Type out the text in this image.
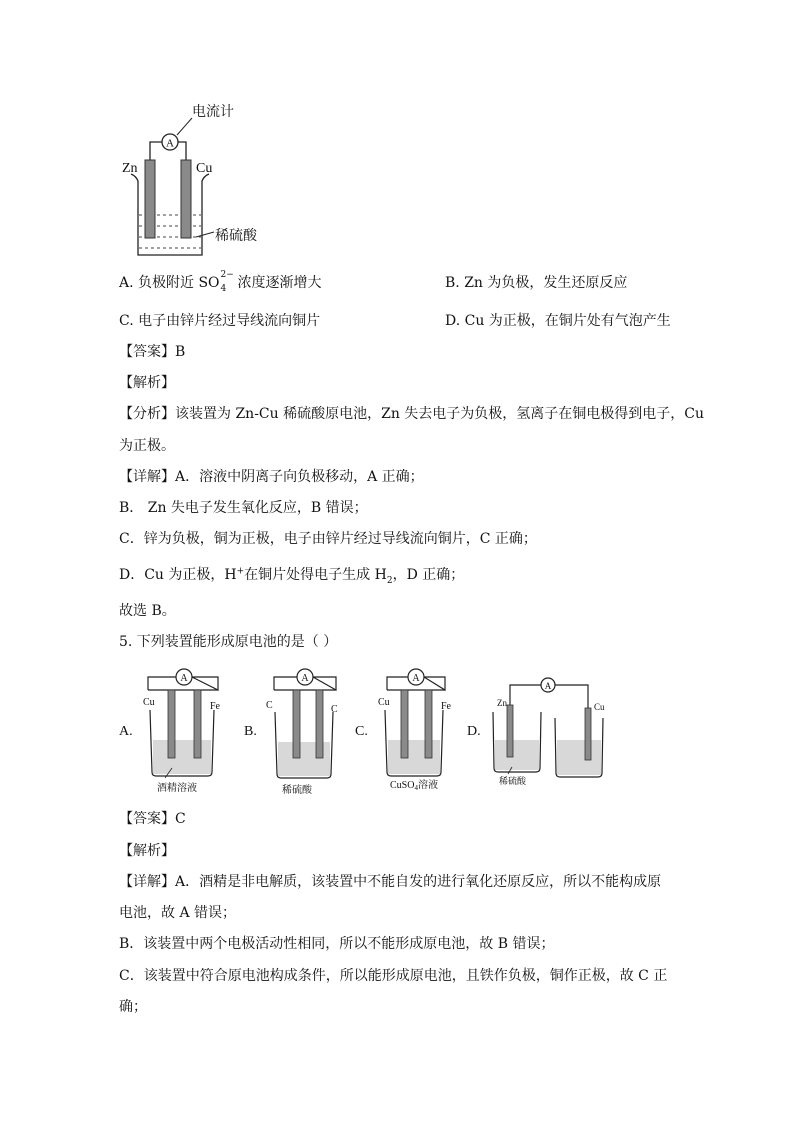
A
电流计
Zn	Cu
稀硫酸
A. 负极附近 SO 2−
4 浓度逐渐增大	B. Zn 为负极，发生还原反应
C. 电子由锌片经过导线流向铜片	D. Cu 为正极，在铜片处有气泡产生
【答案】B
【解析】
【分析】该装置为 Zn-Cu 稀硫酸原电池，Zn 失去电子为负极，氢离子在铜电极得到电子，Cu
为正极。
【详解】A．溶液中阴离子向负极移动，A 正确；
B． Zn 失电子发生氧化反应，B 错误；
C．锌为负极，铜为正极，电子由锌片经过导线流向铜片，C 正确；
D．Cu 为正极，H+在铜片处得电子生成 $H_2$，D 正确；
故选 B。
5. 下列装置能形成原电池的是（ ）
A.
A
Cu	Fe
酒精溶液
B.
A
C	C
稀硫酸
C.
A
Cu	Fe
CuSO$_4$溶液
D.
A
Zn	Cu
稀硫酸
【答案】C
【解析】
【详解】A．酒精是非电解质，该装置中不能自发的进行氧化还原反应，所以不能构成原
电池，故 A 错误；
B．该装置中两个电极活动性相同，所以不能形成原电池，故 B 错误；
C．该装置中符合原电池构成条件，所以能形成原电池，且铁作负极，铜作正极，故 C 正
确；
